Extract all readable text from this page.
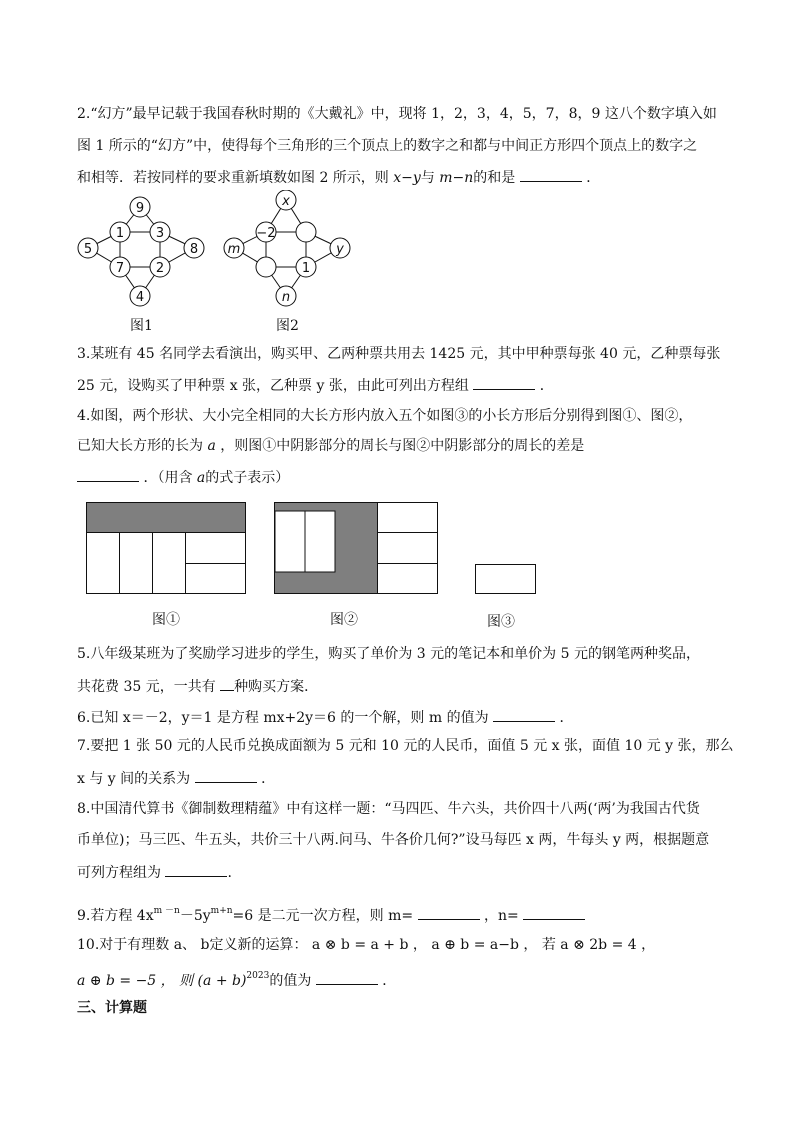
2.“幻方”最早记载于我国春秋时期的《大戴礼》中，现将 1，2，3，4，5，7，8，9 这八个数字填入如
图 1 所示的“幻方”中，使得每个三角形的三个顶点上的数字之和都与中间正方形四个顶点上的数字之
和相等．若按同样的要求重新填数如图 2 所示，则 x−y与 m−n的和是	．
9
5	8
4
1 3
7 2
图1
x
m	y
n
−2
1
图2
3.某班有 45 名同学去看演出，购买甲、乙两种票共用去 1425 元，其中甲种票每张 40 元，乙种票每张
25 元，设购买了甲种票 x 张，乙种票 y 张，由此可列出方程组	．
4.如图，两个形状、大小完全相同的大长方形内放入五个如图③的小长方形后分别得到图①、图②，
已知大长方形的长为 a ，则图①中阴影部分的周长与图②中阴影部分的周长的差是
．（用含 a的式子表示）
图①	图②	图③
5.八年级某班为了奖励学习进步的学生，购买了单价为 3 元的笔记本和单价为 5 元的钢笔两种奖品，
共花费 35 元，一共有 种购买方案．
6.已知 x＝－2，y＝1 是方程 mx+2y＝6 的一个解，则 m 的值为	．
7.要把 1 张 50 元的人民币兑换成面额为 5 元和 10 元的人民币，面值 5 元 x 张，面值 10 元 y 张，那么
x 与 y 间的关系为	．
8.中国清代算书《御制数理精蕴》中有这样一题：“马四匹、牛六头，共价四十八两(‘两’为我国古代货
币单位)；马三匹、牛五头，共价三十八两.问马、牛各价几何?”设马每匹 x 两，牛每头 y 两，根据题意
可列方程组为	.
9.若方程 $4x^{m -n}-5y^{m+n}=6$ 是二元一次方程，则 m=	，n=
10.对于有理数 a、 b定义新的运算： a ⊗ b = a + b ， a ⊕ b = a−b ， 若 a ⊗ 2b = 4 ，
a ⊕ b = −5 ， 则 $(a + b)^{2023}$的值为	．
三、计算题
